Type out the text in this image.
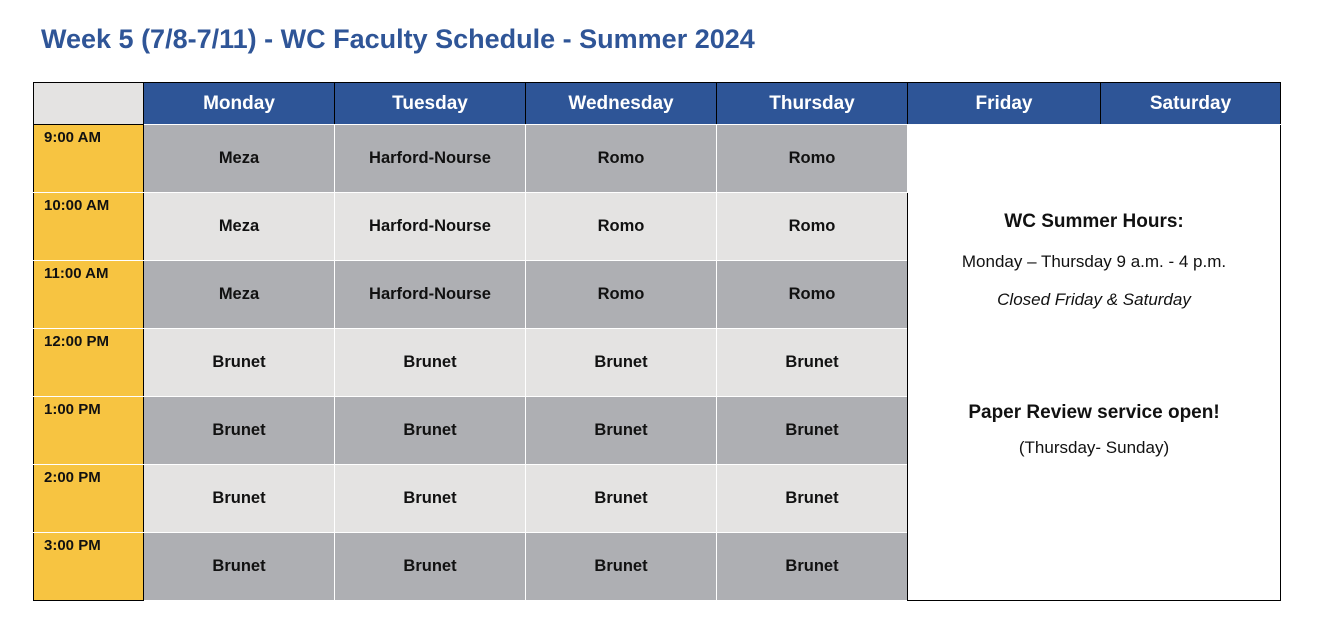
Week 5 (7/8-7/11) - WC Faculty Schedule - Summer 2024
	Monday	Tuesday	Wednesday	Thursday	Friday	Saturday
9:00 AM	Meza	Harford-Nourse	Romo	Romo	WC Summer Hours:
Monday – Thursday 9 a.m. - 4 p.m.
Closed Friday & Saturday
Paper Review service open!
(Thursday- Sunday)	

10:00 AM	Meza	Harford-Nourse	Romo	Romo		
11:00 AM	Meza	Harford-Nourse	Romo	Romo		
12:00 PM	Brunet	Brunet	Brunet	Brunet		
1:00 PM	Brunet	Brunet	Brunet	Brunet		
2:00 PM	Brunet	Brunet	Brunet	Brunet		
3:00 PM	Brunet	Brunet	Brunet	Brunet		
